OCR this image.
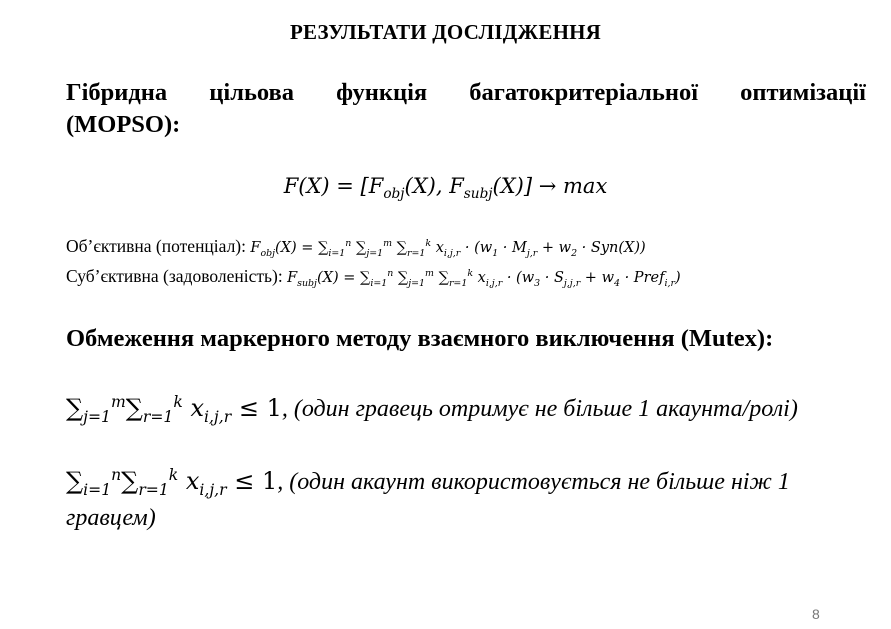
РЕЗУЛЬТАТИ ДОСЛІДЖЕННЯ
Гібридна цільова функція багатокритеріальної оптимізації
(MOPSO):
$F(X) = [F_{obj}(X)$, $F_{subj}(X)] \to \max$
Об’єктивна (потенціал): $F_{obj}(X) = \sum_{i=1}^n$ $\sum_{j=1}^m$ $\sum_{r=1}^k$ $x_{i,j,r} \cdot (w_1 \cdot M_{j,r} + w_2 \cdot Syn(X))$
Суб’єктивна (задоволеність): $F_{subj}(X) = \sum_{i=1}^n$ $\sum_{j=1}^m$ $\sum_{r=1}^k$ $x_{i,j,r} \cdot (w_3 \cdot S_{j,j,r} + w_4$ · Pref$_{i,r}$)
Обмеження маркерного методу взаємного виключення (Mutex):
$\sum_{j=1}^m\sum_{r=1}^k$ $x_{i,j,r} \le 1$, (один гравець отримує не більше 1 акаунта/ролі)
$\sum_{i=1}^n\sum_{r=1}^k$ $x_{i,j,r} \le 1$, (один акаунт використовується не більше ніж 1 гравцем)
8
